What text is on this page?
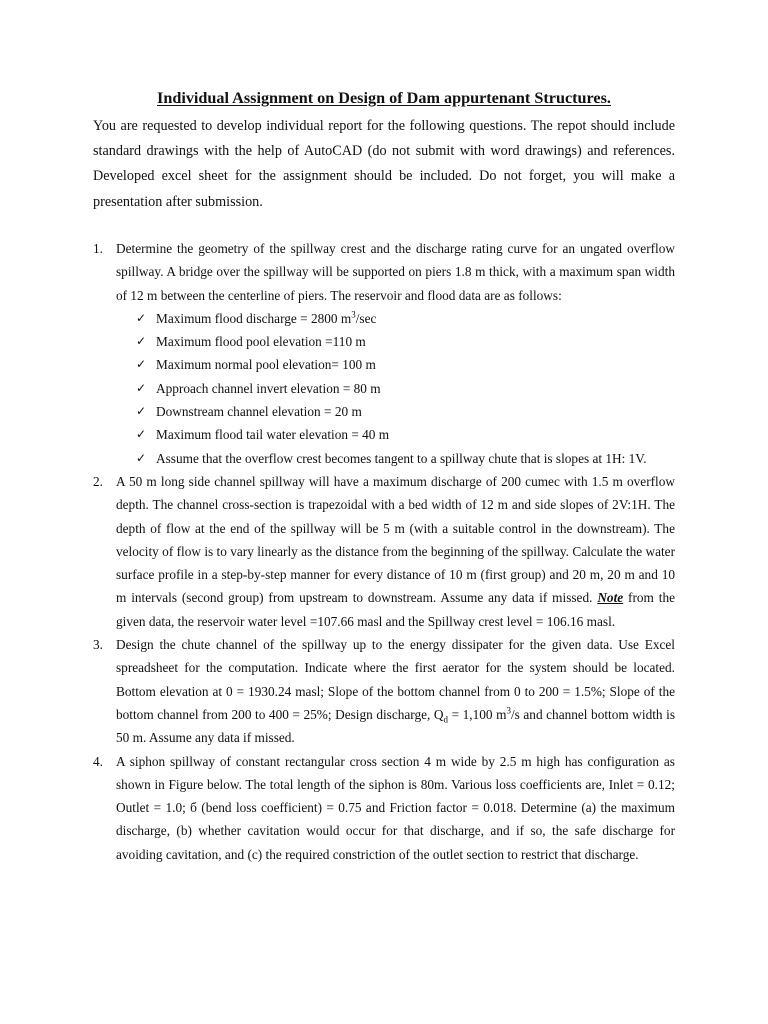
Individual Assignment on Design of Dam appurtenant Structures.

You are requested to develop individual report for the following questions. The repot should include standard drawings with the help of AutoCAD (do not submit with word drawings) and references. Developed excel sheet for the assignment should be included. Do not forget, you will make a presentation after submission.

1. Determine the geometry of the spillway crest and the discharge rating curve for an ungated overflow spillway. A bridge over the spillway will be supported on piers 1.8 m thick, with a maximum span width of 12 m between the centerline of piers. The reservoir and flood data are as follows:
✓ Maximum flood discharge = 2800 $m^3/\sec$
✓ Maximum flood pool elevation =110 m
✓ Maximum normal pool elevation= 100 m
✓ Approach channel invert elevation = 80 m
✓ Downstream channel elevation = 20 m
✓ Maximum flood tail water elevation = 40 m
✓ Assume that the overflow crest becomes tangent to a spillway chute that is slopes at 1H: 1V.
2. A 50 m long side channel spillway will have a maximum discharge of 200 cumec with 1.5 m overflow depth. The channel cross-section is trapezoidal with a bed width of 12 m and side slopes of 2V:1H. The depth of flow at the end of the spillway will be 5 m (with a suitable control in the downstream). The velocity of flow is to vary linearly as the distance from the beginning of the spillway. Calculate the water surface profile in a step-by-step manner for every distance of 10 m (first group) and 20 m, 20 m and 10 m intervals (second group) from upstream to downstream. Assume any data if missed. Note from the given data, the reservoir water level =107.66 masl and the Spillway crest level = 106.16 masl.
3. Design the chute channel of the spillway up to the energy dissipater for the given data. Use Excel spreadsheet for the computation. Indicate where the first aerator for the system should be located. Bottom elevation at 0 = 1930.24 masl; Slope of the bottom channel from 0 to 200 = 1.5%; Slope of the bottom channel from 200 to 400 = 25%; Design discharge, $Q_d = 1,100$ $m^3/s$ and channel bottom width is 50 m. Assume any data if missed.
4. A siphon spillway of constant rectangular cross section 4 m wide by 2.5 m high has configuration as shown in Figure below. The total length of the siphon is 80m. Various loss coefficients are, Inlet = 0.12; Outlet = 1.0; б (bend loss coefficient) = 0.75 and Friction factor = 0.018. Determine (a) the maximum discharge, (b) whether cavitation would occur for that discharge, and if so, the safe discharge for avoiding cavitation, and (c) the required constriction of the outlet section to restrict that discharge.
